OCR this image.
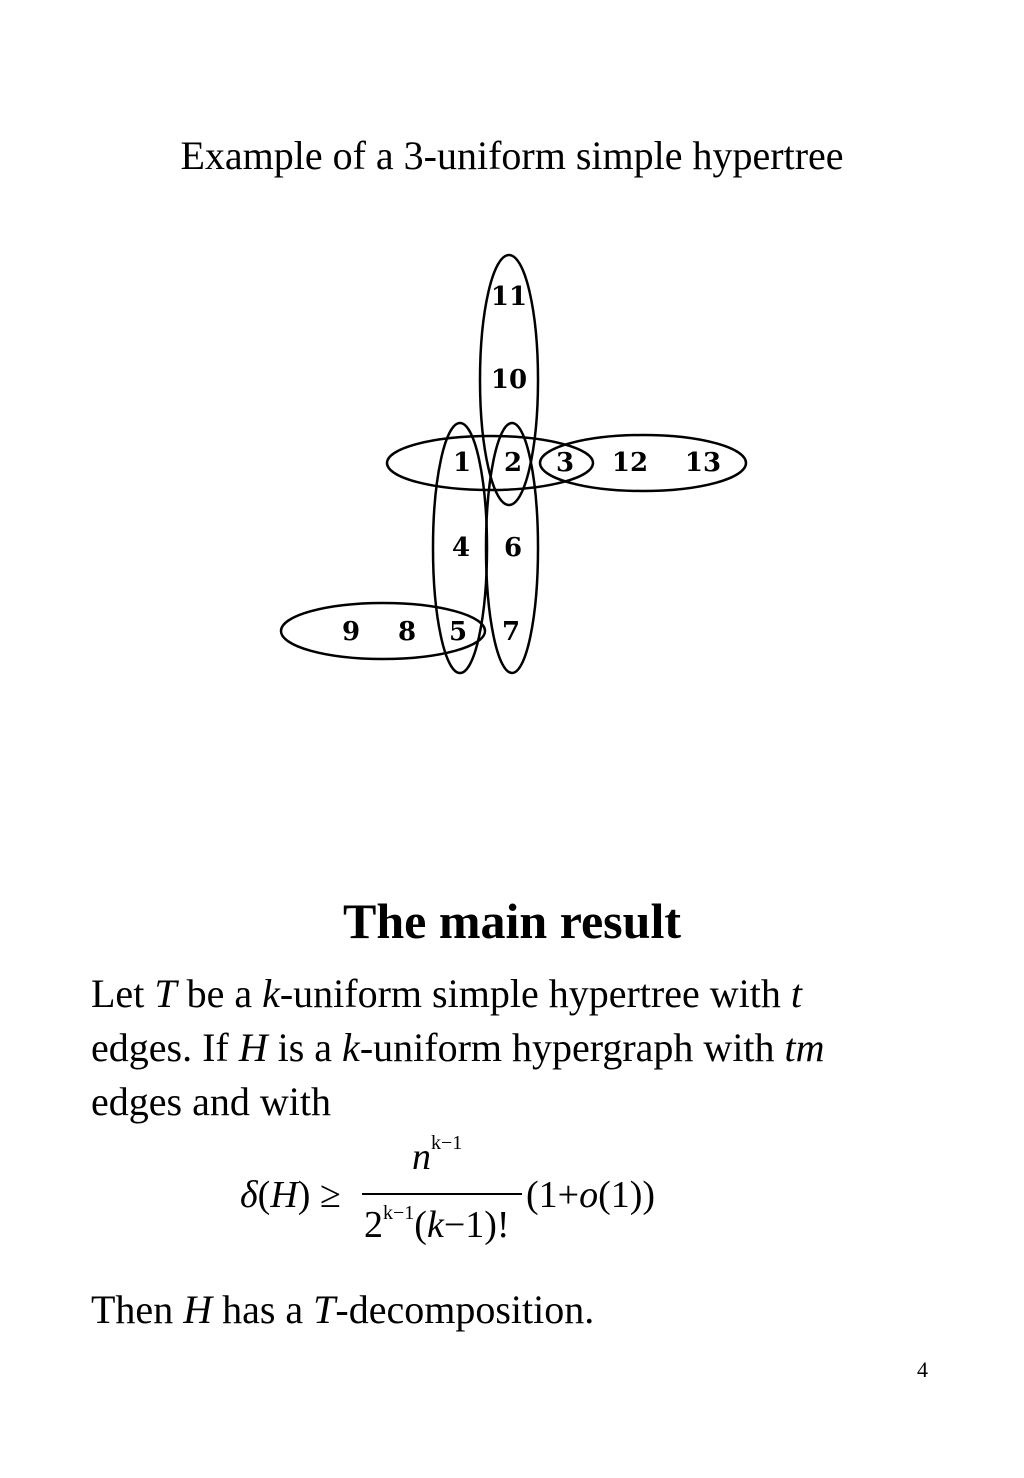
Example of a 3-uniform simple hypertree
11
10
1 2 3 12 13
4 6
9 8 5 7
The main result
Let T be a k-uniform simple hypertree with t
edges. If H is a k-uniform hypergraph with tm
edges and with
δ(H) ≥
$n^{k-1}$
$2^{k-1}(k-1)$!
(1+o(1))
Then H has a T-decomposition.
4
